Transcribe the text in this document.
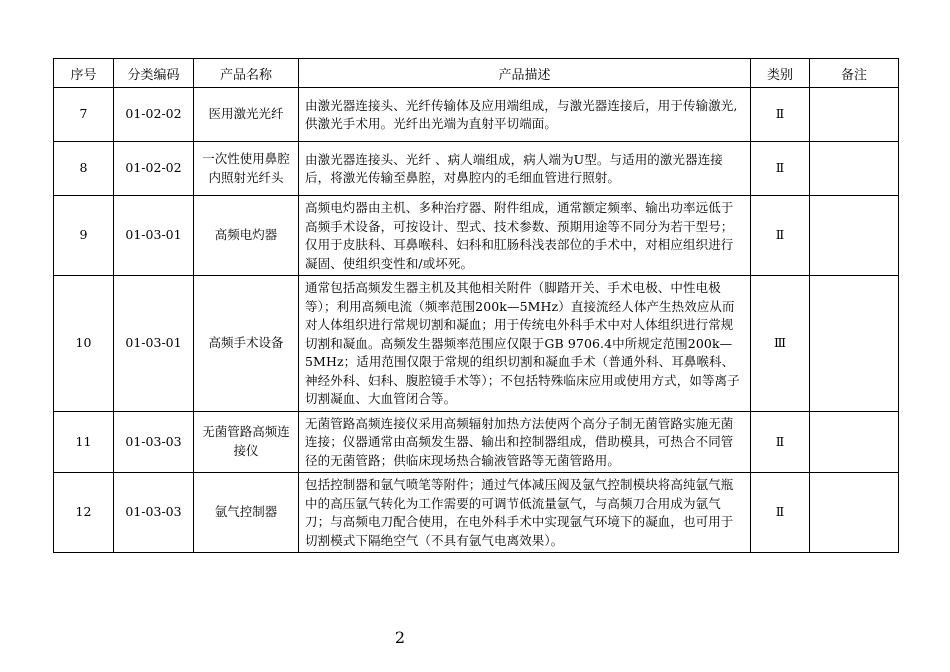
序号	分类编码	产品名称	产品描述	类别	备注
7	01-02-02	医用激光光纤	由激光器连接头、光纤传输体及应用端组成，与激光器连接后，用于传输激光,供激光手术用。光纤出光端为直射平切端面。	Ⅱ	
8	01-02-02	一次性使用鼻腔内照射光纤头	由激光器连接头、光纤 、病人端组成，病人端为U型。与适用的激光器连接后，将激光传输至鼻腔，对鼻腔内的毛细血管进行照射。	Ⅱ	
9	01-03-01	高频电灼器	高频电灼器由主机、多种治疗器、附件组成，通常额定频率、输出功率远低于高频手术设备，可按设计、型式、技术参数、预期用途等不同分为若干型号；仅用于皮肤科、耳鼻喉科、妇科和肛肠科浅表部位的手术中，对相应组织进行凝固、使组织变性和/或坏死。	Ⅱ	
10	01-03-01	高频手术设备	通常包括高频发生器主机及其他相关附件（脚踏开关、手术电极、中性电极等）；利用高频电流（频率范围200k—5MHz）直接流经人体产生热效应从而对人体组织进行常规切割和凝血；用于传统电外科手术中对人体组织进行常规切割和凝血。高频发生器频率范围应仅限于GB 9706.4中所规定范围200k—5MHz；适用范围仅限于常规的组织切割和凝血手术（普通外科、耳鼻喉科、神经外科、妇科、腹腔镜手术等）；不包括特殊临床应用或使用方式，如等离子切割凝血、大血管闭合等。	Ⅲ	
11	01-03-03	无菌管路高频连接仪	无菌管路高频连接仪采用高频辐射加热方法使两个高分子制无菌管路实施无菌连接；仪器通常由高频发生器、输出和控制器组成，借助模具，可热合不同管径的无菌管路；供临床现场热合输液管路等无菌管路用。	Ⅱ	
12	01-03-03	氩气控制器	包括控制器和氩气喷笔等附件；通过气体减压阀及氩气控制模块将高纯氩气瓶中的高压氩气转化为工作需要的可调节低流量氩气，与高频刀合用成为氩气刀；与高频电刀配合使用，在电外科手术中实现氩气环境下的凝血，也可用于切割模式下隔绝空气（不具有氩气电离效果）。	Ⅱ	
2
